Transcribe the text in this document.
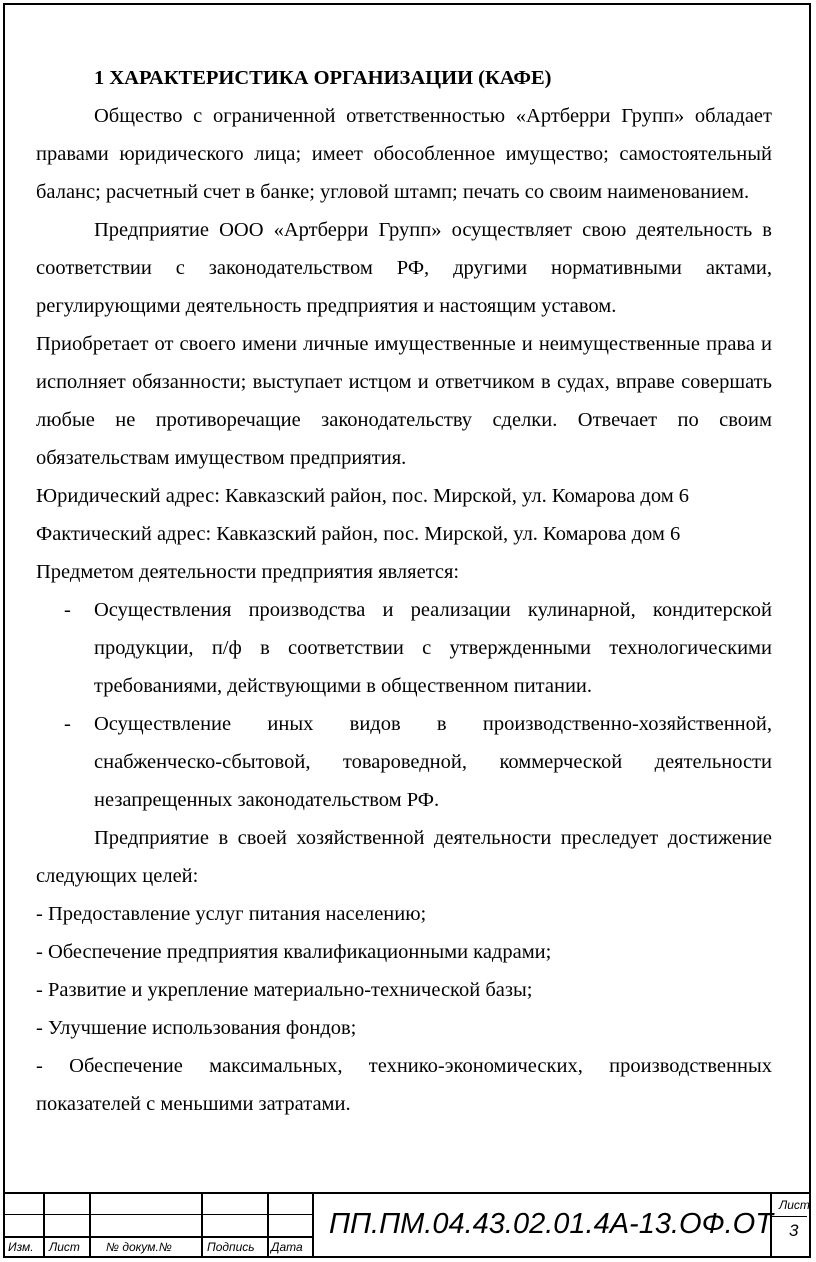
1 ХАРАКТЕРИСТИКА ОРГАНИЗАЦИИ (КАФЕ)

Общество с ограниченной ответственностью «Артберри Групп» обладает правами юридического лица; имеет обособленное имущество; самостоятельный баланс; расчетный счет в банке; угловой штамп; печать со своим наименованием.

Предприятие ООО «Артберри Групп» осуществляет свою деятельность в соответствии с законодательством РФ, другими нормативными актами, регулирующими деятельность предприятия и настоящим уставом.

Приобретает от своего имени личные имущественные и неимущественные права и исполняет обязанности; выступает истцом и ответчиком в судах, вправе совершать любые не противоречащие законодательству сделки. Отвечает по своим обязательствам имуществом предприятия.

Юридический адрес: Кавказский район, пос. Мирской, ул. Комарова дом 6

Фактический адрес: Кавказский район, пос. Мирской, ул. Комарова дом 6

Предметом деятельности предприятия является:

- Осуществления производства и реализации кулинарной, кондитерской продукции, п/ф в соответствии с утвержденными технологическими требованиями, действующими в общественном питании.
- Осуществление иных видов в производственно-хозяйственной, снабженческо-сбытовой, товароведной, коммерческой деятельности незапрещенных законодательством РФ.

Предприятие в своей хозяйственной деятельности преследует достижение следующих целей:

- Предоставление услуг питания населению;

- Обеспечение предприятия квалификационными кадрами;

- Развитие и укрепление материально-технической базы;

- Улучшение использования фондов;

- Обеспечение максимальных, технико-экономических, производственных показателей с меньшими затратами.

Изм. Лист № докум.№	Подпись Дата
ПП.ПМ.04.43.02.01.4А-13.ОФ.ОТ
Лист
3
